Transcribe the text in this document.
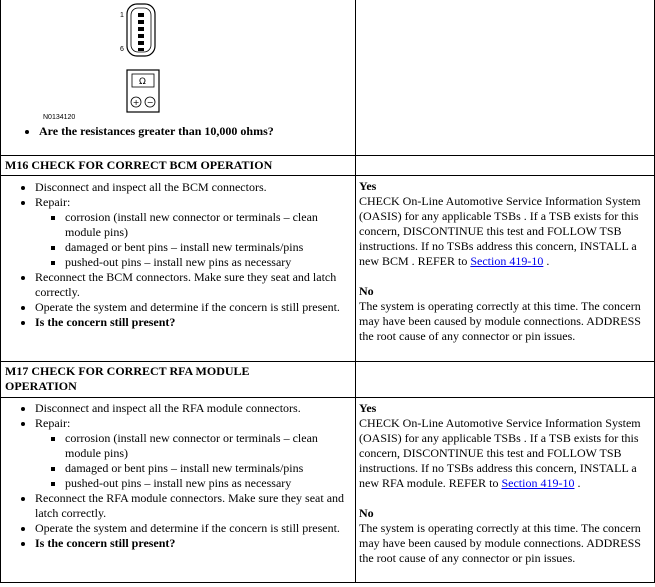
1
6
Ω
+ −
N0134120
• Are the resistances greater than 10,000 ohms?
M16 CHECK FOR CORRECT BCM OPERATION
• Disconnect and inspect all the BCM connectors.
• Repair:
▪ corrosion (install new connector or terminals – clean module pins)
▪ damaged or bent pins – install new terminals/pins
▪ pushed-out pins – install new pins as necessary
• Reconnect the BCM connectors. Make sure they seat and latch correctly.
• Operate the system and determine if the concern is still present.
• Is the concern still present?
Yes
CHECK On-Line Automotive Service Information System (OASIS) for any applicable TSBs . If a TSB exists for this concern, DISCONTINUE this test and FOLLOW TSB instructions. If no TSBs address this concern, INSTALL a new BCM . REFER to Section 419-10 .
No
The system is operating correctly at this time. The concern may have been caused by module connections. ADDRESS the root cause of any connector or pin issues.
M17 CHECK FOR CORRECT RFA MODULE OPERATION
• Disconnect and inspect all the RFA module connectors.
• Repair:
▪ corrosion (install new connector or terminals – clean module pins)
▪ damaged or bent pins – install new terminals/pins
▪ pushed-out pins – install new pins as necessary
• Reconnect the RFA module connectors. Make sure they seat and latch correctly.
• Operate the system and determine if the concern is still present.
• Is the concern still present?
Yes
CHECK On-Line Automotive Service Information System (OASIS) for any applicable TSBs . If a TSB exists for this concern, DISCONTINUE this test and FOLLOW TSB instructions. If no TSBs address this concern, INSTALL a new RFA module. REFER to Section 419-10 .
No
The system is operating correctly at this time. The concern may have been caused by module connections. ADDRESS the root cause of any connector or pin issues.
